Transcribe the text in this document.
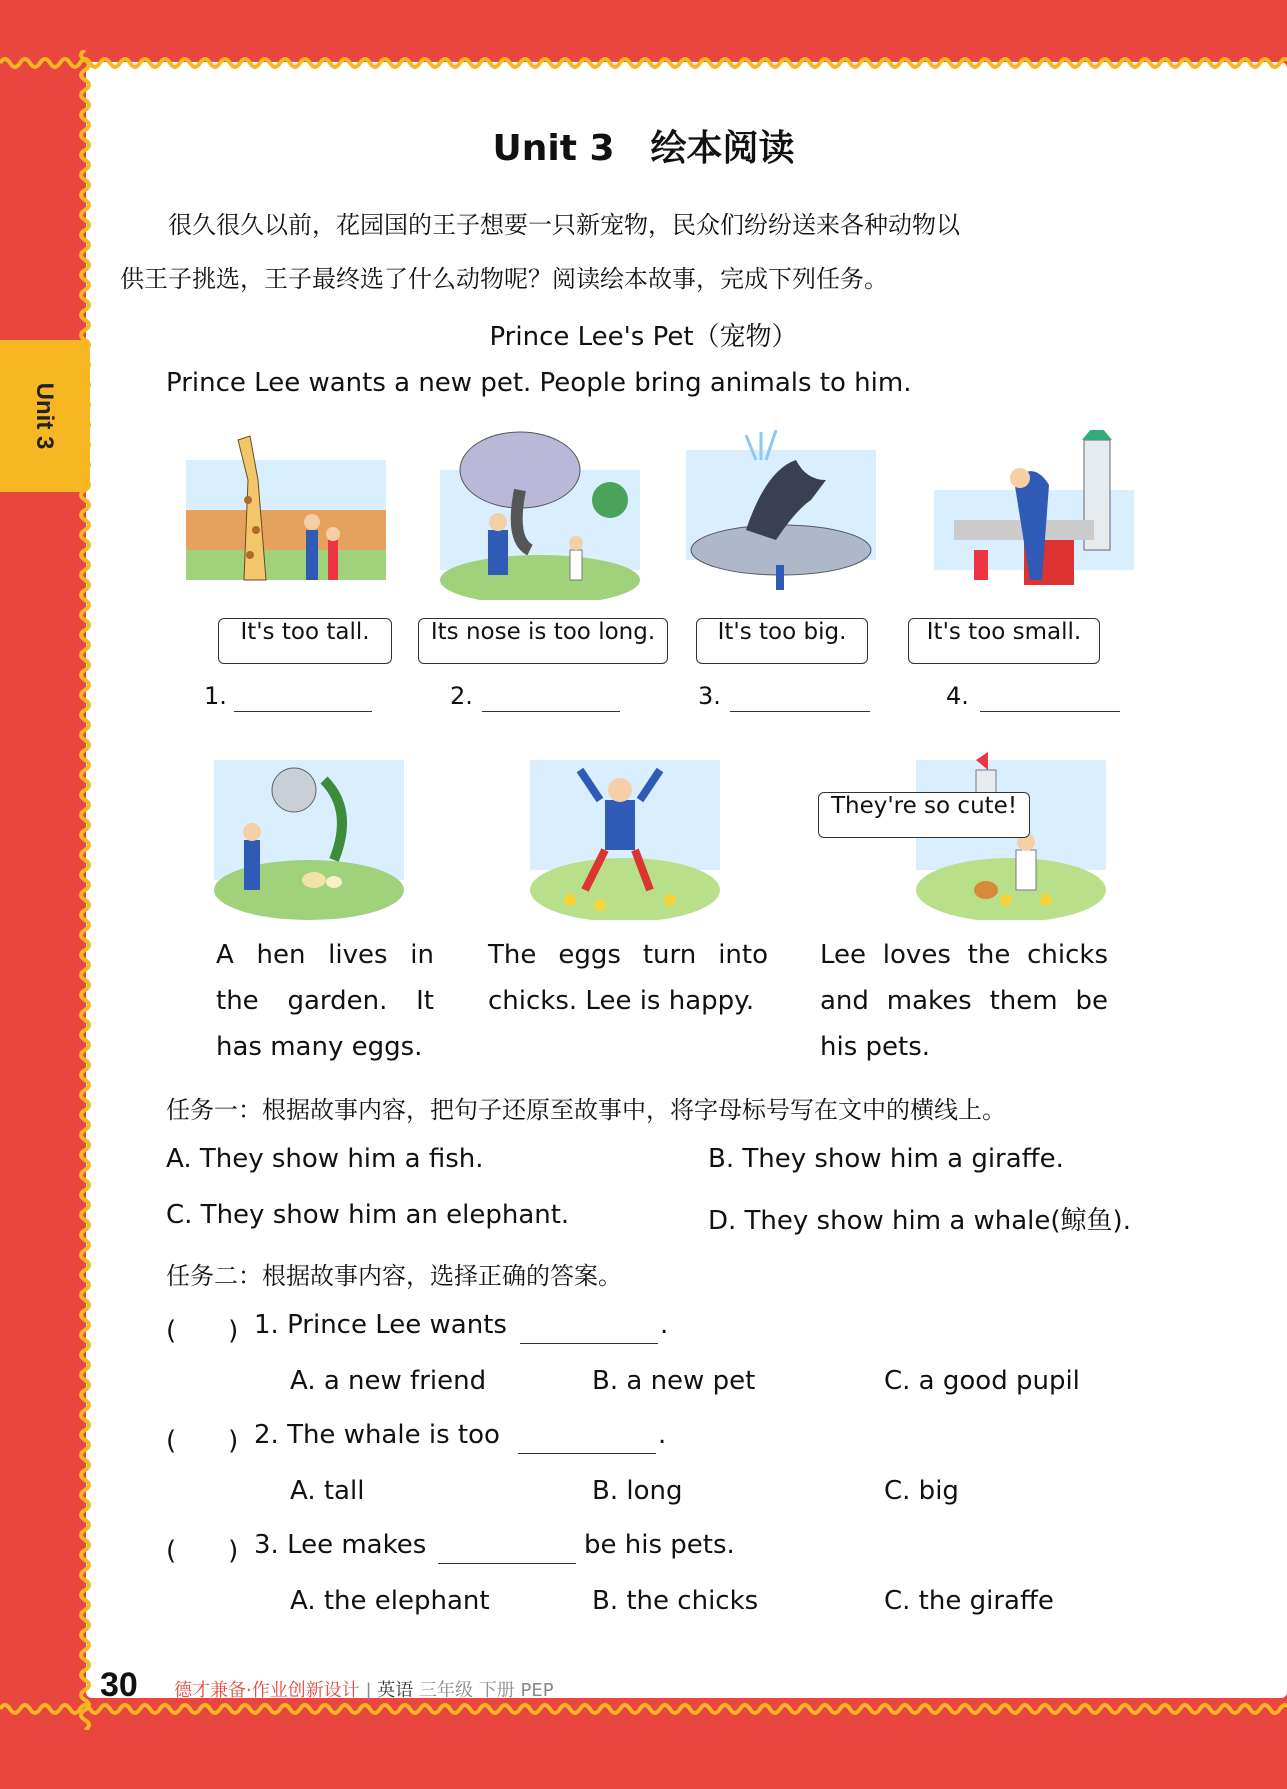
Unit 3
Unit 3　绘本阅读
很久很久以前，花园国的王子想要一只新宠物，民众们纷纷送来各种动物以
供王子挑选，王子最终选了什么动物呢？阅读绘本故事，完成下列任务。
Prince Lee's Pet（宠物）
Prince Lee wants a new pet. People bring animals to him.
It's too tall.	Its nose is too long.	It's too big.	It's too small.
1.	2.	3.	4.
They're so cute!
A hen lives in the garden. It has many eggs.
The eggs turn into chicks. Lee is happy.
Lee loves the chicks and makes them be his pets.
任务一：根据故事内容，把句子还原至故事中，将字母标号写在文中的横线上。
A. They show him a fish.	B. They show him a giraffe.
C. They show him an elephant.	D. They show him a whale(鲸鱼).
任务二：根据故事内容，选择正确的答案。
(　　) 1. Prince Lee wants	.
A. a new friend	B. a new pet	C. a good pupil
(　　) 2. The whale is too	.
A. tall	B. long	C. big
(　　) 3. Lee makes	be his pets.
A. the elephant	B. the chicks	C. the giraffe
30 德才兼备·作业创新设计 | 英语 三年级 下册 PEP
